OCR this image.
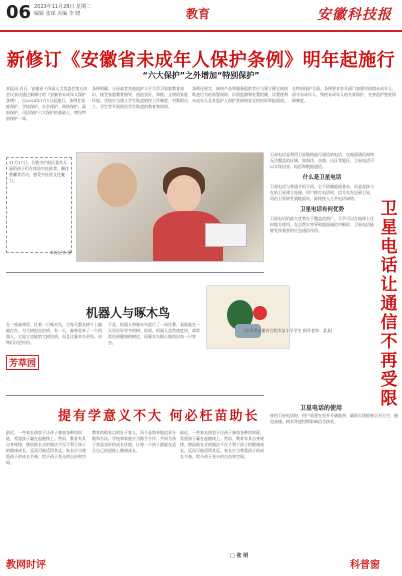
06 2023年11月28日 星期二
编辑 张琛 美编 李 晓	教育	安徽科技报
新修订《安徽省未成年人保护条例》明年起施行
“六大保护”之外增加“特别保护”

本报讯 近日，安徽省十四届人大常委会第五次会议表决通过新修订的《安徽省未成年人保护条例》，自2024年1月1日起施行。条例在家庭保护、学校保护、社会保护、网络保护、政府保护、司法保护六大保护的基础上，增设特别保护一章。

条例明确，父母或者其他监护人应当学习家庭教育知识，接受家庭教育指导，创造良好、和睦、文明的家庭环境。学校应当建立学生欺凌防控工作制度，对教职员工、学生等开展防治学生欺凌的教育和培训。

条例还规定，网络产品和服务提供者应当建立健全网络欺凌行为的预警预防、识别监测和处置机制，设置便利未成年人及其监护人保护其网络安全的投诉举报渠道。

在特别保护方面，条例要求有关部门加强对困境未成年人、留守未成年人、残疾未成年人的关爱保护，完善监护兜底保障制度。

11月17日，合肥市庐阳区某幼儿园的孩子们在体验中医推拿、制作香囊等活动，感受中医药文化魅力。
本报记者 摄

卫星电话是利用卫星链路进行通信的电话，在地面通信网络无法覆盖的区域，如海洋、沙漠、山区等地区，卫星电话可以实现语音、短信和数据通信。

什么是卫星电话

卫星电话与普通手机不同，它不依赖地面基站，而是直接与在轨卫星建立连接。用户拨打电话时，信号先发送到卫星，再由卫星转发到地面站，最终接入公共电话网络。

卫星电话有何优势

卫星电话的最大优势在于覆盖范围广，几乎可以在地球上任何地方使用。在自然灾害导致地面通信中断时，卫星电话能够发挥重要的应急通信作用。

卫星电话的使用

使用卫星电话时，用户需要在室外开阔地带，确保天线能够正对天空，避免高楼、树木等遮挡物影响信号接收。

卫星电话让通信不再受限
机器人与啄木鸟
芳草园

在一座森林里，住着一只啄木鸟，它每天都在树干上敲敲打打，为大树捉虫治病。有一天，森林里来了一个机器人，它说它也能给大树治病，而且比啄木鸟更快。动物们议论纷纷。

于是，机器人和啄木鸟进行了一场比赛，看谁能在一天里治好更多的树。结果，机器人虽然速度快，却常常伤到健康的树皮，而啄木鸟细心地找出每一只害虫。

(作者系安徽省合肥市某小学学生 指导老师：某某)
提有学意义不大 何必枉苗助长

最近，一些家长热衷于让孩子参加各种培训班，希望孩子赢在起跑线上。然而，教育有其自身规律，揠苗助长式的做法不仅不利于孩子的健康成长，反而可能适得其反。家长应当尊重孩子的成长节奏，给予孩子充分的自由和空间。

教育的根本目的在于育人，而不是简单地追求分数和名次。学校和家庭应当携手合作，共同为孩子营造良好的成长环境，让每一个孩子都能在适合自己的道路上健康成长。

最近，一些家长热衷于让孩子参加各种培训班，希望孩子赢在起跑线上。然而，教育有其自身规律，揠苗助长式的做法不仅不利于孩子的健康成长，反而可能适得其反。家长应当尊重孩子的成长节奏，给予孩子充分的自由和空间。

□ 张 明
教网时评	科普窗
